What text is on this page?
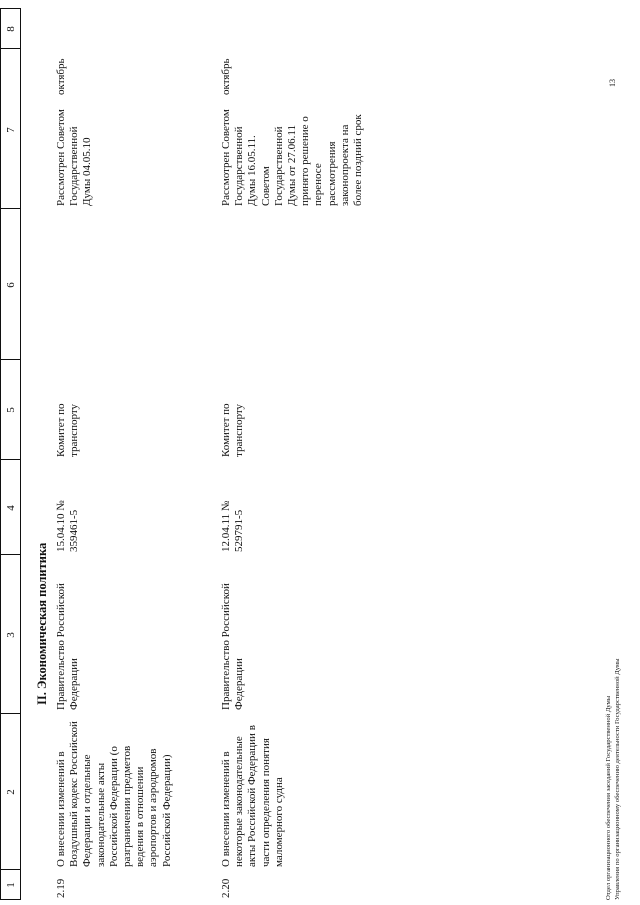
1
2
3
4
5
6
7
8
II. Экономическая политика
2.19
О внесении изменений в Воздушный кодекс Российской Федерации и отдельные законодательные акты Российской Федерации (о разграничении предметов ведения в отношении аэропортов и аэродромов Российской Федерации)
Правительство Российской Федерации
15.04.10 № 359461-5
Комитет по транспорту
Рассмотрен Советом Государственной Думы 04.05.10
октябрь
2.20
О внесении изменений в некоторые законодательные акты Российской Федерации в части определения понятия маломерного судна
Правительство Российской Федерации
12.04.11 № 529791-5
Комитет по транспорту
Рассмотрен Советом Государственной Думы 16.05.11. Советом Государственной Думы от 27.06.11 принято решение о переносе рассмотрения законопроекта на более поздний срок
октябрь
Отдел организационного обеспечения заседаний Государственной Думы Управления по организационному обеспечению деятельности Государственной Думы
13
